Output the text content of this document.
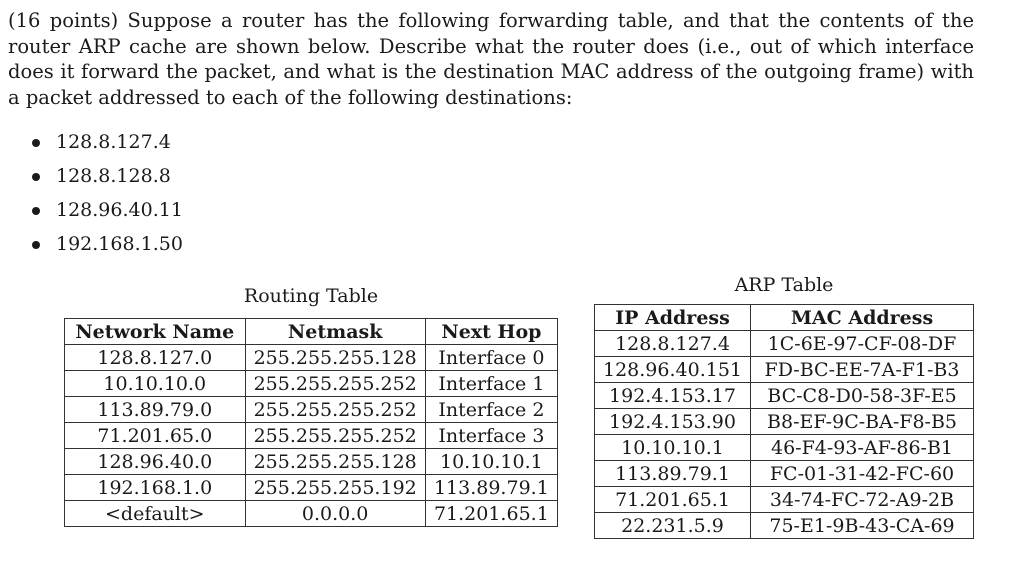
(16 points) Suppose a router has the following forwarding table, and that the contents of the router ARP cache are shown below. Describe what the router does (i.e., out of which interface does it forward the packet, and what is the destination MAC address of the outgoing frame) with a packet addressed to each of the following destinations:

128.8.127.4
128.8.128.8
128.96.40.11
192.168.1.50
Routing Table
Network Name	Netmask	Next Hop
128.8.127.0	255.255.255.128	Interface 0
10.10.10.0	255.255.255.252	Interface 1
113.89.79.0	255.255.255.252	Interface 2
71.201.65.0	255.255.255.252	Interface 3
128.96.40.0	255.255.255.128	10.10.10.1
192.168.1.0	255.255.255.192	113.89.79.1
<default>	0.0.0.0	71.201.65.1
ARP Table
IP Address	MAC Address
128.8.127.4	1C-6E-97-CF-08-DF
128.96.40.151	FD-BC-EE-7A-F1-B3
192.4.153.17	BC-C8-D0-58-3F-E5
192.4.153.90	B8-EF-9C-BA-F8-B5
10.10.10.1	46-F4-93-AF-86-B1
113.89.79.1	FC-01-31-42-FC-60
71.201.65.1	34-74-FC-72-A9-2B
22.231.5.9	75-E1-9B-43-CA-69
